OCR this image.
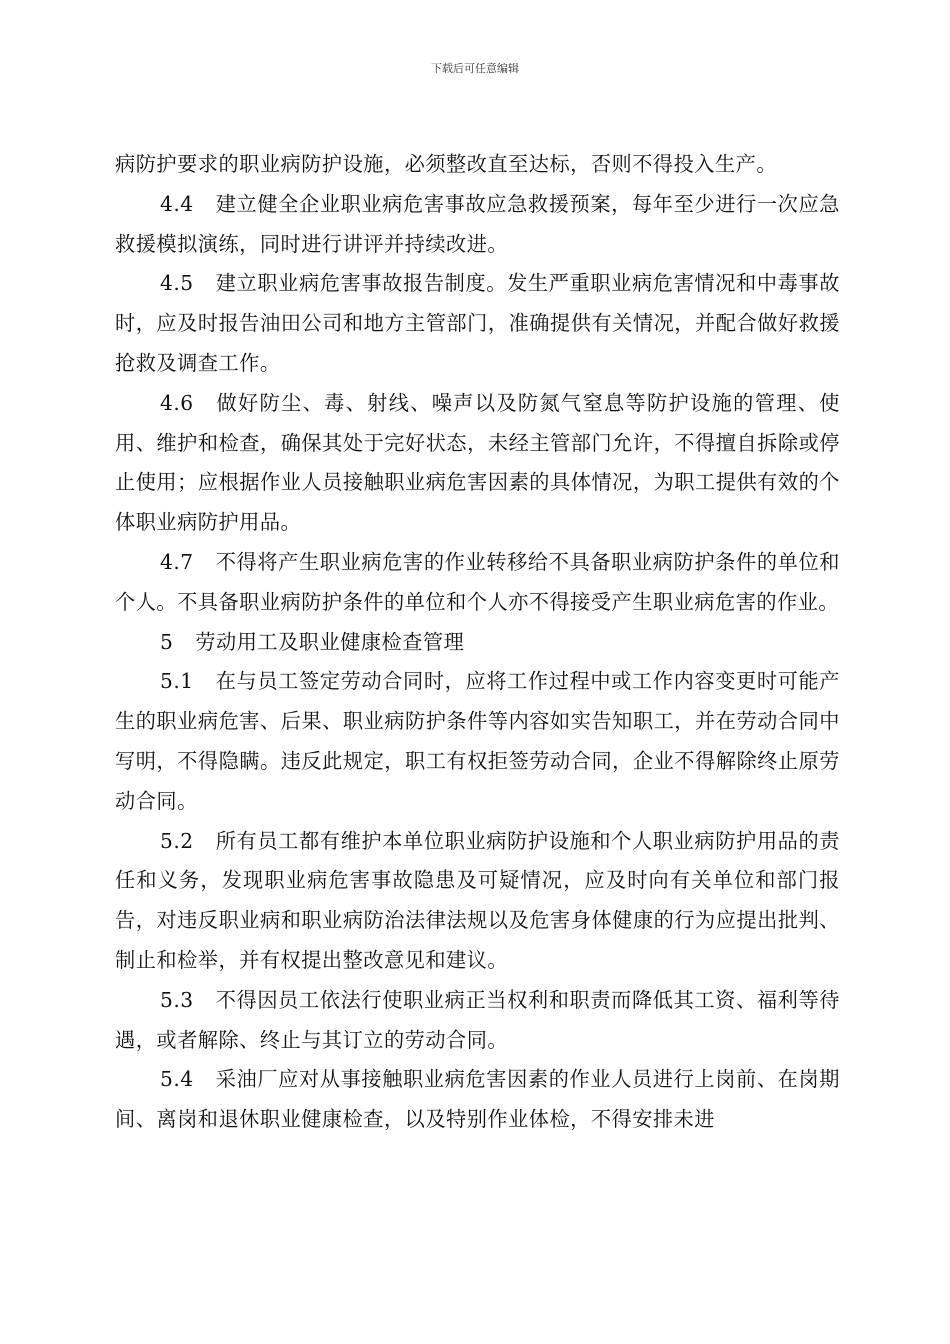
下载后可任意编辑

病防护要求的职业病防护设施，必须整改直至达标，否则不得投入生产。

4.4 建立健全企业职业病危害事故应急救援预案，每年至少进行一次应急救援模拟演练，同时进行讲评并持续改进。

4.5 建立职业病危害事故报告制度。发生严重职业病危害情况和中毒事故时，应及时报告油田公司和地方主管部门，准确提供有关情况，并配合做好救援抢救及调查工作。

4.6 做好防尘、毒、射线、噪声以及防氮气窒息等防护设施的管理、使用、维护和检查，确保其处于完好状态，未经主管部门允许，不得擅自拆除或停止使用；应根据作业人员接触职业病危害因素的具体情况，为职工提供有效的个体职业病防护用品。

4.7 不得将产生职业病危害的作业转移给不具备职业病防护条件的单位和个人。不具备职业病防护条件的单位和个人亦不得接受产生职业病危害的作业。

5 劳动用工及职业健康检查管理

5.1 在与员工签定劳动合同时，应将工作过程中或工作内容变更时可能产生的职业病危害、后果、职业病防护条件等内容如实告知职工，并在劳动合同中写明，不得隐瞒。违反此规定，职工有权拒签劳动合同，企业不得解除终止原劳动合同。

5.2 所有员工都有维护本单位职业病防护设施和个人职业病防护用品的责任和义务，发现职业病危害事故隐患及可疑情况，应及时向有关单位和部门报告，对违反职业病和职业病防治法律法规以及危害身体健康的行为应提出批判、制止和检举，并有权提出整改意见和建议。

5.3 不得因员工依法行使职业病正当权利和职责而降低其工资、福利等待遇，或者解除、终止与其订立的劳动合同。

5.4 采油厂应对从事接触职业病危害因素的作业人员进行上岗前、在岗期间、离岗和退休职业健康检查，以及特别作业体检，不得安排未进
